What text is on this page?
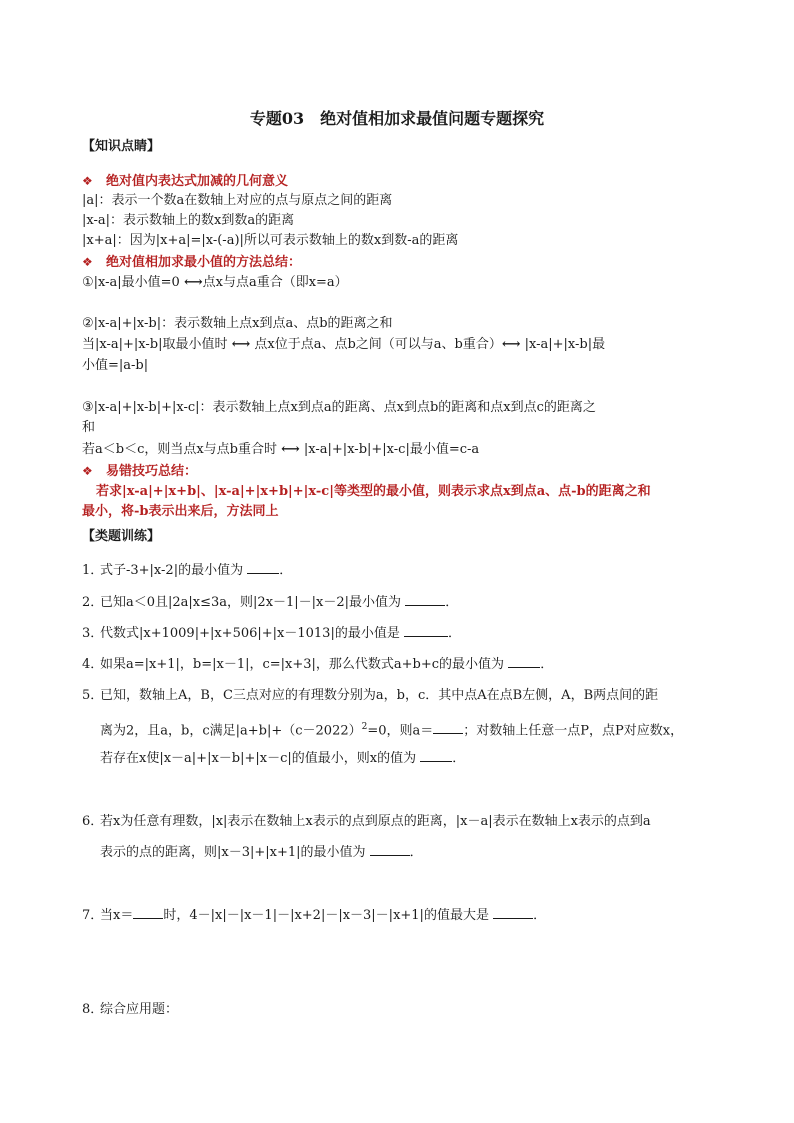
专题03　绝对值相加求最值问题专题探究
【知识点睛】
❖ 绝对值内表达式加减的几何意义
|a|：表示一个数a在数轴上对应的点与原点之间的距离
|x-a|：表示数轴上的数x到数a的距离
|x+a|：因为|x+a|=|x-(-a)|所以可表示数轴上的数x到数-a的距离
❖ 绝对值相加求最小值的方法总结：
①|x-a|最小值=0 ⟷点x与点a重合（即x=a）
②|x-a|+|x-b|：表示数轴上点x到点a、点b的距离之和
当|x-a|+|x-b|取最小值时 ⟷ 点x位于点a、点b之间（可以与a、b重合）⟷ |x-a|+|x-b|最
小值=|a-b|
③|x-a|+|x-b|+|x-c|：表示数轴上点x到点a的距离、点x到点b的距离和点x到点c的距离之
和
若a＜b＜c，则当点x与点b重合时 ⟷ |x-a|+|x-b|+|x-c|最小值=c-a
❖ 易错技巧总结：
若求|x-a|+|x+b|、|x-a|+|x+b|+|x-c|等类型的最小值，则表示求点x到点a、点-b的距离之和
最小，将-b表示出来后，方法同上
【类题训练】
1．式子-3+|x-2|的最小值为	．
2．已知a＜0且|2a|x≤3a，则|2x－1|－|x－2|最小值为	．
3．代数式|x+1009|+|x+506|+|x－1013|的最小值是	．
4．如果a=|x+1|，b=|x－1|，c=|x+3|，那么代数式a+b+c的最小值为	．
5．已知，数轴上A，B，C三点对应的有理数分别为a，b，c．其中点A在点B左侧，A，B两点间的距
离为2，且a，b，c满足$|a+b|+(c-2022)^2=0$，则a＝ ；对数轴上任意一点P，点P对应数x，
若存在x使|x－a|+|x－b|+|x－c|的值最小，则x的值为	．
6．若x为任意有理数，|x|表示在数轴上x表示的点到原点的距离，|x－a|表示在数轴上x表示的点到a
表示的点的距离，则|x－3|+|x+1|的最小值为	．
7．当x＝ 时，4－|x|－|x－1|－|x+2|－|x－3|－|x+1|的值最大是	．
8．综合应用题：
